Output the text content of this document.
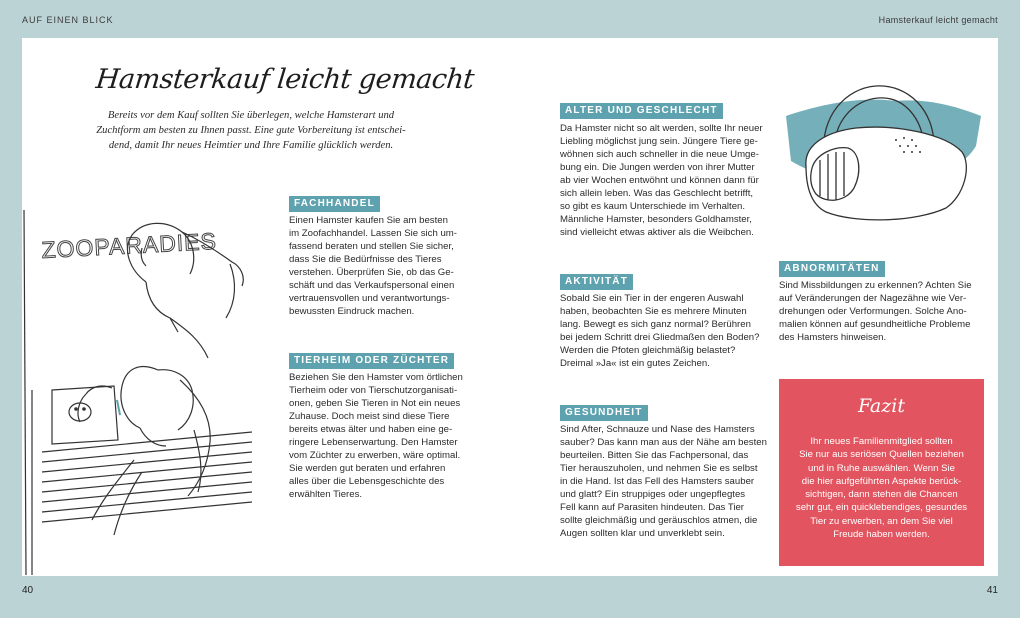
AUF EINEN BLICK	Hamsterkauf leicht gemacht
Hamsterkauf leicht gemacht
Bereits vor dem Kauf sollten Sie überlegen, welche Hamsterart und Zuchtform am besten zu Ihnen passt. Eine gute Vorbereitung ist entschei-dend, damit Ihr neues Heimtier und Ihre Familie glücklich werden.
ZOOPARADIES
FACHHANDEL
Einen Hamster kaufen Sie am besten
im Zoofachhandel. Lassen Sie sich um-
fassend beraten und stellen Sie sicher,
dass Sie die Bedürfnisse des Tieres
verstehen. Überprüfen Sie, ob das Ge-
schäft und das Verkaufspersonal einen
vertrauensvollen und verantwortungs-
bewussten Eindruck machen.
TIERHEIM ODER ZÜCHTER
Beziehen Sie den Hamster vom örtlichen
Tierheim oder von Tierschutzorganisati-
onen, geben Sie Tieren in Not ein neues
Zuhause. Doch meist sind diese Tiere
bereits etwas älter und haben eine ge-
ringere Lebenserwartung. Den Hamster
vom Züchter zu erwerben, wäre optimal.
Sie werden gut beraten und erfahren
alles über die Lebensgeschichte des
erwählten Tieres.
ALTER UND GESCHLECHT
Da Hamster nicht so alt werden, sollte Ihr neuer
Liebling möglichst jung sein. Jüngere Tiere ge-
wöhnen sich auch schneller in die neue Umge-
bung ein. Die Jungen werden von ihrer Mutter
ab vier Wochen entwöhnt und können dann für
sich allein leben. Was das Geschlecht betrifft,
so gibt es kaum Unterschiede im Verhalten.
Männliche Hamster, besonders Goldhamster,
sind vielleicht etwas aktiver als die Weibchen.
AKTIVITÄT
Sobald Sie ein Tier in der engeren Auswahl
haben, beobachten Sie es mehrere Minuten
lang. Bewegt es sich ganz normal? Berühren
bei jedem Schritt drei Gliedmaßen den Boden?
Werden die Pfoten gleichmäßig belastet?
Dreimal »Ja« ist ein gutes Zeichen.
GESUNDHEIT
Sind After, Schnauze und Nase des Hamsters
sauber? Das kann man aus der Nähe am besten
beurteilen. Bitten Sie das Fachpersonal, das
Tier herauszuholen, und nehmen Sie es selbst
in die Hand. Ist das Fell des Hamsters sauber
und glatt? Ein struppiges oder ungepflegtes
Fell kann auf Parasiten hindeuten. Das Tier
sollte gleichmäßig und geräuschlos atmen, die
Augen sollten klar und unverklebt sein.
ABNORMITÄTEN
Sind Missbildungen zu erkennen? Achten Sie
auf Veränderungen der Nagezähne wie Ver-
drehungen oder Verformungen. Solche Ano-
malien können auf gesundheitliche Probleme
des Hamsters hinweisen.
Fazit
Ihr neues Familienmitglied sollten
Sie nur aus seriösen Quellen beziehen
und in Ruhe auswählen. Wenn Sie
die hier aufgeführten Aspekte berück-
sichtigen, dann stehen die Chancen
sehr gut, ein quicklebendiges, gesundes
Tier zu erwerben, an dem Sie viel
Freude haben werden.
40	41
